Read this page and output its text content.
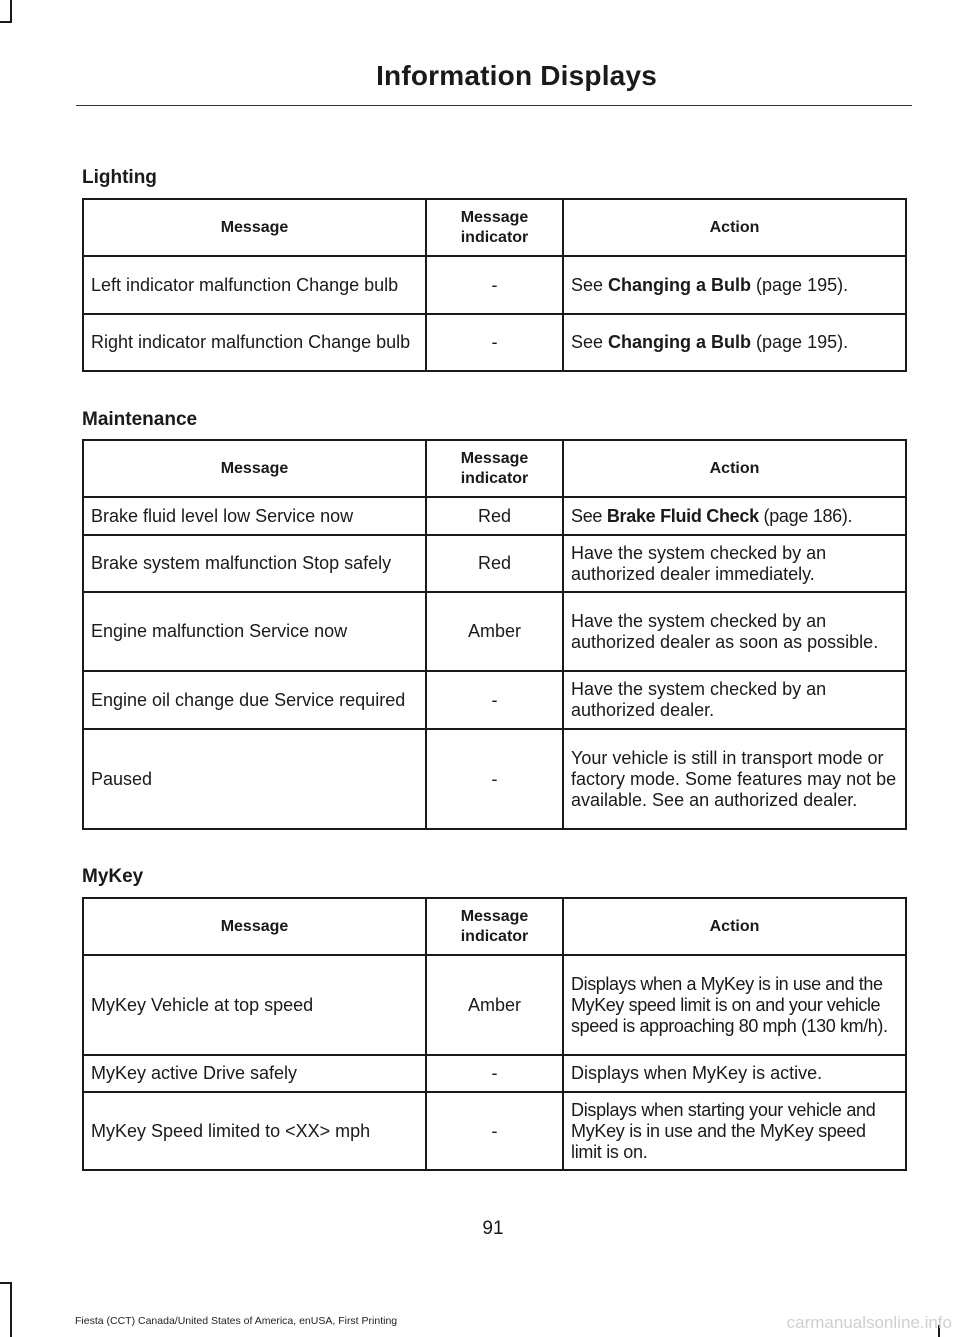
Information Displays
Lighting
Message	Message indicator	Action
Left indicator malfunction Change bulb	-	See Changing a Bulb (page 195).
Right indicator malfunction Change bulb	-	See Changing a Bulb (page 195).
Maintenance
Message	Message indicator	Action
Brake fluid level low Service now	Red	See Brake Fluid Check (page 186).
Brake system malfunction Stop safely	Red	Have the system checked by an authorized dealer immediately.
Engine malfunction Service now	Amber	Have the system checked by an authorized dealer as soon as possible.
Engine oil change due Service required	-	Have the system checked by an authorized dealer.
Paused	-	Your vehicle is still in transport mode or factory mode. Some features may not be available. See an authorized dealer.
MyKey
Message	Message indicator	Action
MyKey Vehicle at top speed	Amber	Displays when a MyKey is in use and the MyKey speed limit is on and your vehicle speed is approaching 80 mph (130 km/h).
MyKey active Drive safely	-	Displays when MyKey is active.
MyKey Speed limited to <XX> mph	-	Displays when starting your vehicle and MyKey is in use and the MyKey speed limit is on.
91
Fiesta (CCT) Canada/United States of America, enUSA, First Printing	carmanualsonline.info
